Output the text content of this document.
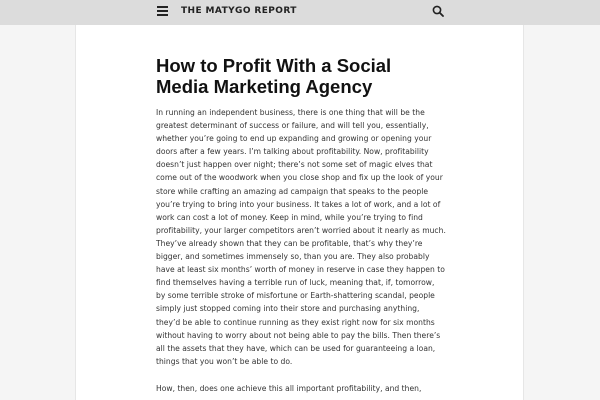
THE MATYGO REPORT
How to Profit With a Social Media Marketing Agency

In running an independent business, there is one thing that will be the greatest determinant of success or failure, and will tell you, essentially, whether you’re going to end up expanding and growing or opening your doors after a few years. I’m talking about profitability. Now, profitability doesn’t just happen over night; there’s not some set of magic elves that come out of the woodwork when you close shop and fix up the look of your store while crafting an amazing ad campaign that speaks to the people you’re trying to bring into your business. It takes a lot of work, and a lot of work can cost a lot of money. Keep in mind, while you’re trying to find profitability, your larger competitors aren’t worried about it nearly as much. They’ve already shown that they can be profitable, that’s why they’re bigger, and sometimes immensely so, than you are. They also probably have at least six months’ worth of money in reserve in case they happen to find themselves having a terrible run of luck, meaning that, if, tomorrow, by some terrible stroke of misfortune or Earth-shattering scandal, people simply just stopped coming into their store and purchasing anything, they’d be able to continue running as they exist right now for six months without having to worry about not being able to pay the bills. Then there’s all the assets that they have, which can be used for guaranteeing a loan, things that you won’t be able to do.

How, then, does one achieve this all important profitability, and then,
